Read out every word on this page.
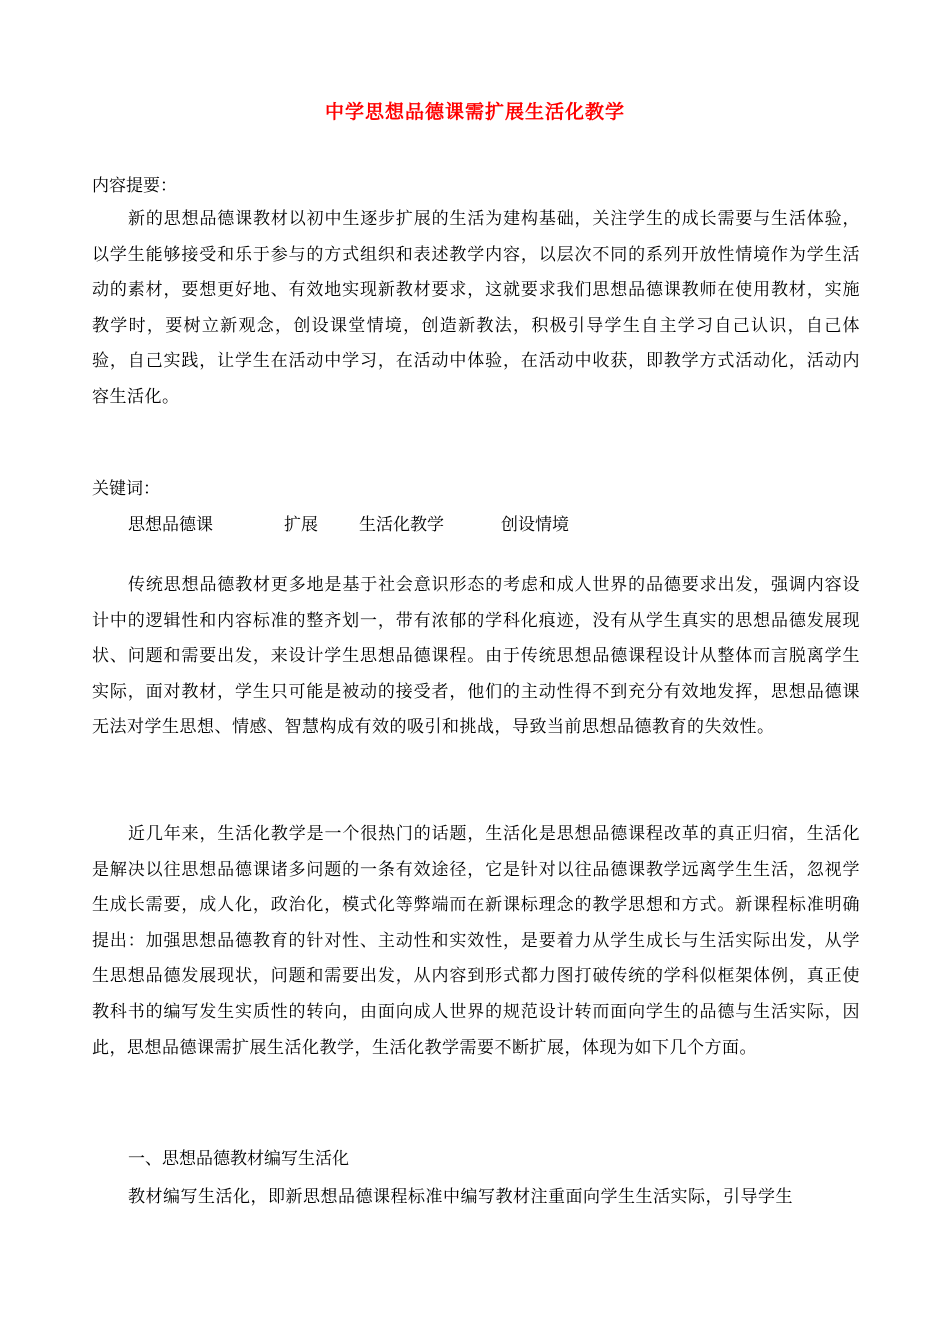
中学思想品德课需扩展生活化教学
内容提要：
新的思想品德课教材以初中生逐步扩展的生活为建构基础，关注学生的成长需要与生活体验，以学生能够接受和乐于参与的方式组织和表述教学内容，以层次不同的系列开放性情境作为学生活动的素材，要想更好地、有效地实现新教材要求，这就要求我们思想品德课教师在使用教材，实施教学时，要树立新观念，创设课堂情境，创造新教法，积极引导学生自主学习自己认识，自己体验，自己实践，让学生在活动中学习，在活动中体验，在活动中收获，即教学方式活动化，活动内容生活化。
关键词：
思想品德课	扩展 生活化教学	创设情境
传统思想品德教材更多地是基于社会意识形态的考虑和成人世界的品德要求出发，强调内容设计中的逻辑性和内容标准的整齐划一，带有浓郁的学科化痕迹，没有从学生真实的思想品德发展现状、问题和需要出发，来设计学生思想品德课程。由于传统思想品德课程设计从整体而言脱离学生实际，面对教材，学生只可能是被动的接受者，他们的主动性得不到充分有效地发挥，思想品德课无法对学生思想、情感、智慧构成有效的吸引和挑战，导致当前思想品德教育的失效性。
近几年来，生活化教学是一个很热门的话题，生活化是思想品德课程改革的真正归宿，生活化是解决以往思想品德课诸多问题的一条有效途径，它是针对以往品德课教学远离学生生活，忽视学生成长需要，成人化，政治化，模式化等弊端而在新课标理念的教学思想和方式。新课程标准明确提出：加强思想品德教育的针对性、主动性和实效性，是要着力从学生成长与生活实际出发，从学生思想品德发展现状，问题和需要出发，从内容到形式都力图打破传统的学科似框架体例，真正使教科书的编写发生实质性的转向，由面向成人世界的规范设计转而面向学生的品德与生活实际，因此，思想品德课需扩展生活化教学，生活化教学需要不断扩展，体现为如下几个方面。
一、思想品德教材编写生活化
教材编写生活化，即新思想品德课程标准中编写教材注重面向学生生活实际，引导学生
